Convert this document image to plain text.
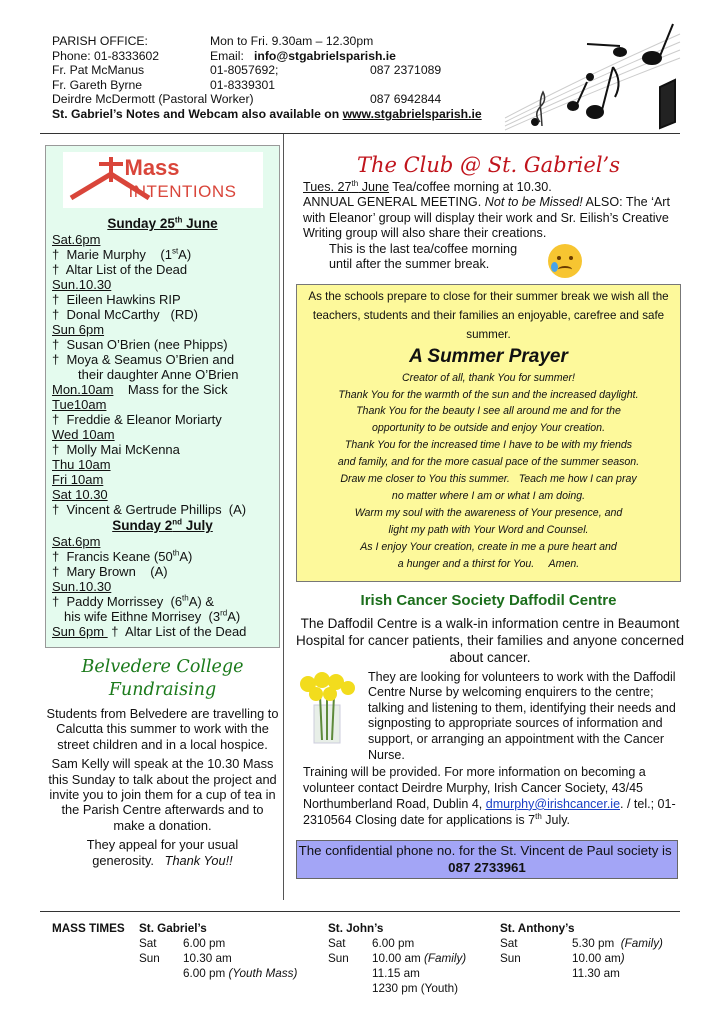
PARISH OFFICE:	Mon to Fri. 9.30am – 12.30pm
Phone: 01-8333602	Email:
info@stgabrielsparish.ie
Fr. Pat McManus	01-8057692;	087 2371089
Fr. Gareth Byrne	01-8339301
Deirdre McDermott (Pastoral Worker)	087 6942844
St. Gabriel’s Notes and Webcam also available on
www.stgabrielsparish.ie
Mass
INTENTIONS
Sunday 25th June
Sat.6pm
†  Marie Murphy    (1stA)
†  Altar List of the Dead
Sun.10.30
†  Eileen Hawkins RIP
†  Donal McCarthy   (RD)
Sun 6pm
†  Susan O’Brien (nee Phipps)
†  Moya & Seamus O’Brien and
their daughter Anne O’Brien
Mon.10am    Mass for the Sick
Tue10am
†  Freddie & Eleanor Moriarty
Wed 10am
†  Molly Mai McKenna
Thu 10am
Fri 10am
Sat 10.30
†  Vincent & Gertrude Phillips  (A)
Sunday 2nd July
Sat.6pm
†  Francis Keane (50thA)
†  Mary Brown    (A)
Sun.10.30
†  Paddy Morrissey  (6thA) &
his wife Eithne Morrisey  (3rdA)
Sun 6pm  †  Altar List of the Dead
Belvedere College
Fundraising

Students from Belvedere are travelling to Calcutta this summer to work with the street children and in a local hospice.

Sam Kelly will speak at the 10.30 Mass this Sunday to talk about the project and invite you to join them for a cup of tea in the Parish Centre afterwards and to make a donation.

They appeal for your usual generosity. Thank You!!

The Club @ St. Gabriel’s
Tues. 27th June Tea/coffee morning at 10.30.
ANNUAL GENERAL MEETING. Not to be Missed! ALSO: The ‘Art with Eleanor’ group will display their work and Sr. Eilish’s Creative Writing group will also share their creations.
This is the last tea/coffee morning
until after the summer break.
As the schools prepare to close for their summer break we wish all the teachers, students and their families an enjoyable, carefree and safe summer.
A Summer Prayer
Creator of all, thank You for summer!
Thank You for the warmth of the sun and the increased daylight.
Thank You for the beauty I see all around me and for the
opportunity to be outside and enjoy Your creation.
Thank You for the increased time I have to be with my friends
and family, and for the more casual pace of the summer season.
Draw me closer to You this summer.   Teach me how I can pray
no matter where I am or what I am doing.
Warm my soul with the awareness of Your presence, and
light my path with Your Word and Counsel.
As I enjoy Your creation, create in me a pure heart and
a hunger and a thirst for You.     Amen.
Irish Cancer Society Daffodil Centre
The Daffodil Centre is a walk-in information centre in Beaumont Hospital for cancer patients, their families and anyone concerned about cancer.
They are looking for volunteers to work with the Daffodil Centre Nurse by welcoming enquirers to the centre; talking and listening to them, identifying their needs and signposting to appropriate sources of information and support, or arranging an appointment with the Cancer Nurse.
Training will be provided. For more information on becoming a volunteer contact Deirdre Murphy, Irish Cancer Society, 43/45 Northumberland Road, Dublin 4, dmurphy@irishcancer.ie. / tel.; 01-2310564 Closing date for applications is 7th July.
The confidential phone no. for the St. Vincent de Paul society is  087 2733961
MASS TIMES St. Gabriel’s
Sat	6.00 pm
Sun	10.30 am
6.00 pm (Youth Mass)
St. John’s
Sat	6.00 pm
Sun	10.00 am (Family)
11.15 am
1230 pm (Youth)
St. Anthony’s
Sat	5.30 pm (Family)
Sun	10.00 am )
11.30 am
